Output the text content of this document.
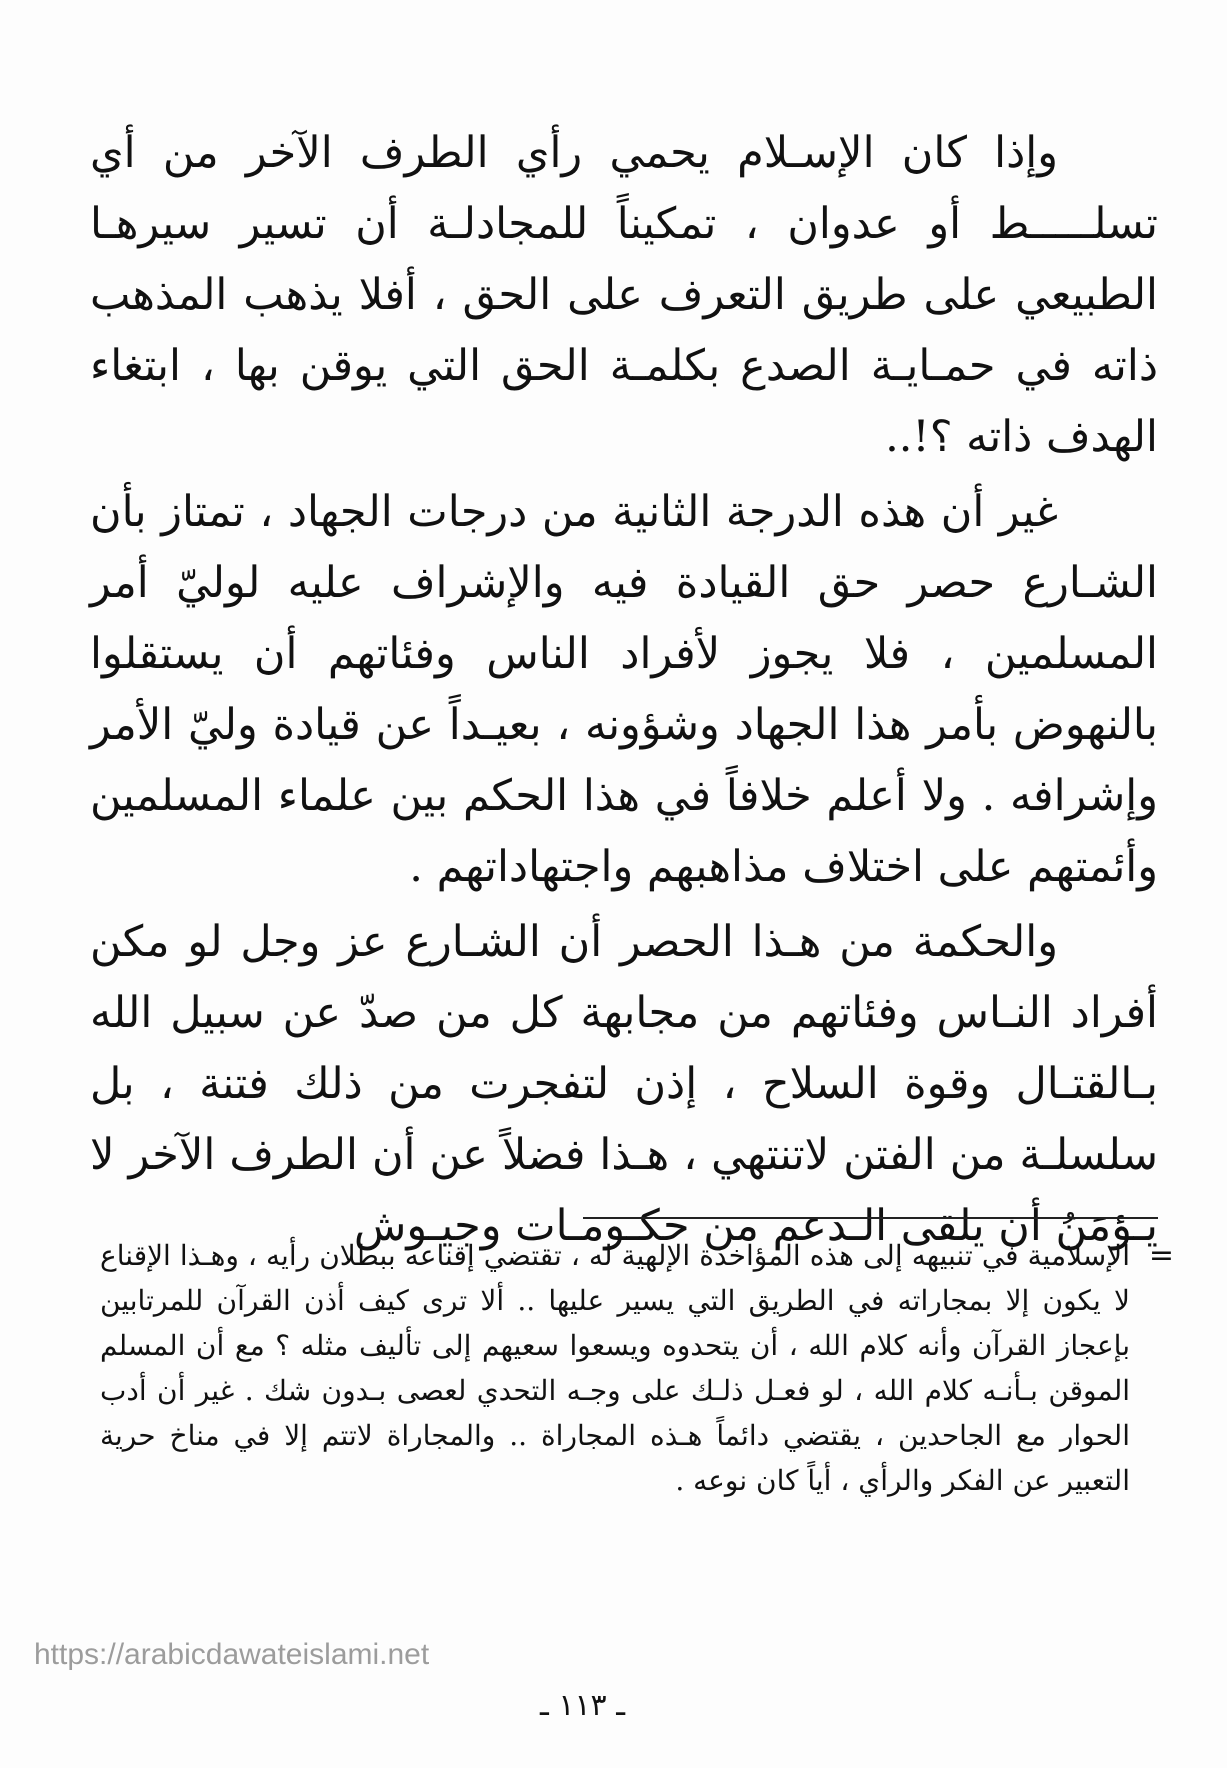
وإذا كان الإسـلام يحمي رأي الطرف الآخر من أي تسلـــــط أو عدوان ، تمكيناً للمجادلـة أن تسير سيرهـا الطبيعي على طريق التعرف على الحق ، أفلا يذهب المذهب ذاته في حمـايـة الصدع بكلمـة الحق التي يوقن بها ، ابتغاء الهدف ذاته ؟!..

غير أن هذه الدرجة الثانية من درجات الجهاد ، تمتاز بأن الشـارع حصر حق القيادة فيه والإشراف عليه لوليّ أمر المسلمين ، فلا يجوز لأفراد الناس وفئاتهم أن يستقلوا بالنهوض بأمر هذا الجهاد وشؤونه ، بعيـداً عن قيادة وليّ الأمر وإشرافه . ولا أعلم خلافاً في هذا الحكم بين علماء المسلمين وأئمتهم على اختلاف مذاهبهم واجتهاداتهم .

والحكمة من هـذا الحصر أن الشـارع عز وجل لو مكن أفراد النـاس وفئاتهم من مجابهة كل من صدّ عن سبيل الله بـالقتـال وقوة السلاح ، إذن لتفجرت من ذلك فتنة ، بل سلسلـة من الفتن لاتنتهي ، هـذا فضلاً عن أن الطرف الآخر لا يـؤمَنُ أن يلقى الـدعم من حكـومـات وجيـوش

=
الإسلامية في تنبيهه إلى هذه المؤاخذة الإلهية له ، تقتضي إقناعه ببطلان رأيه ، وهـذا الإقناع لا يكون إلا بمجاراته في الطريق التي يسير عليها .. ألا ترى كيف أذن القرآن للمرتابين بإعجاز القرآن وأنه كلام الله ، أن يتحدوه ويسعوا سعيهم إلى تأليف مثله ؟ مع أن المسلم الموقن بـأنـه كلام الله ، لو فعـل ذلـك على وجـه التحدي لعصى بـدون شك . غير أن أدب الحوار مع الجاحدين ، يقتضي دائماً هـذه المجاراة .. والمجاراة لاتتم إلا في مناخ حرية التعبير عن الفكر والرأي ، أياً كان نوعه .
https://arabicdawateislami.net
ـ ١١٣ ـ
